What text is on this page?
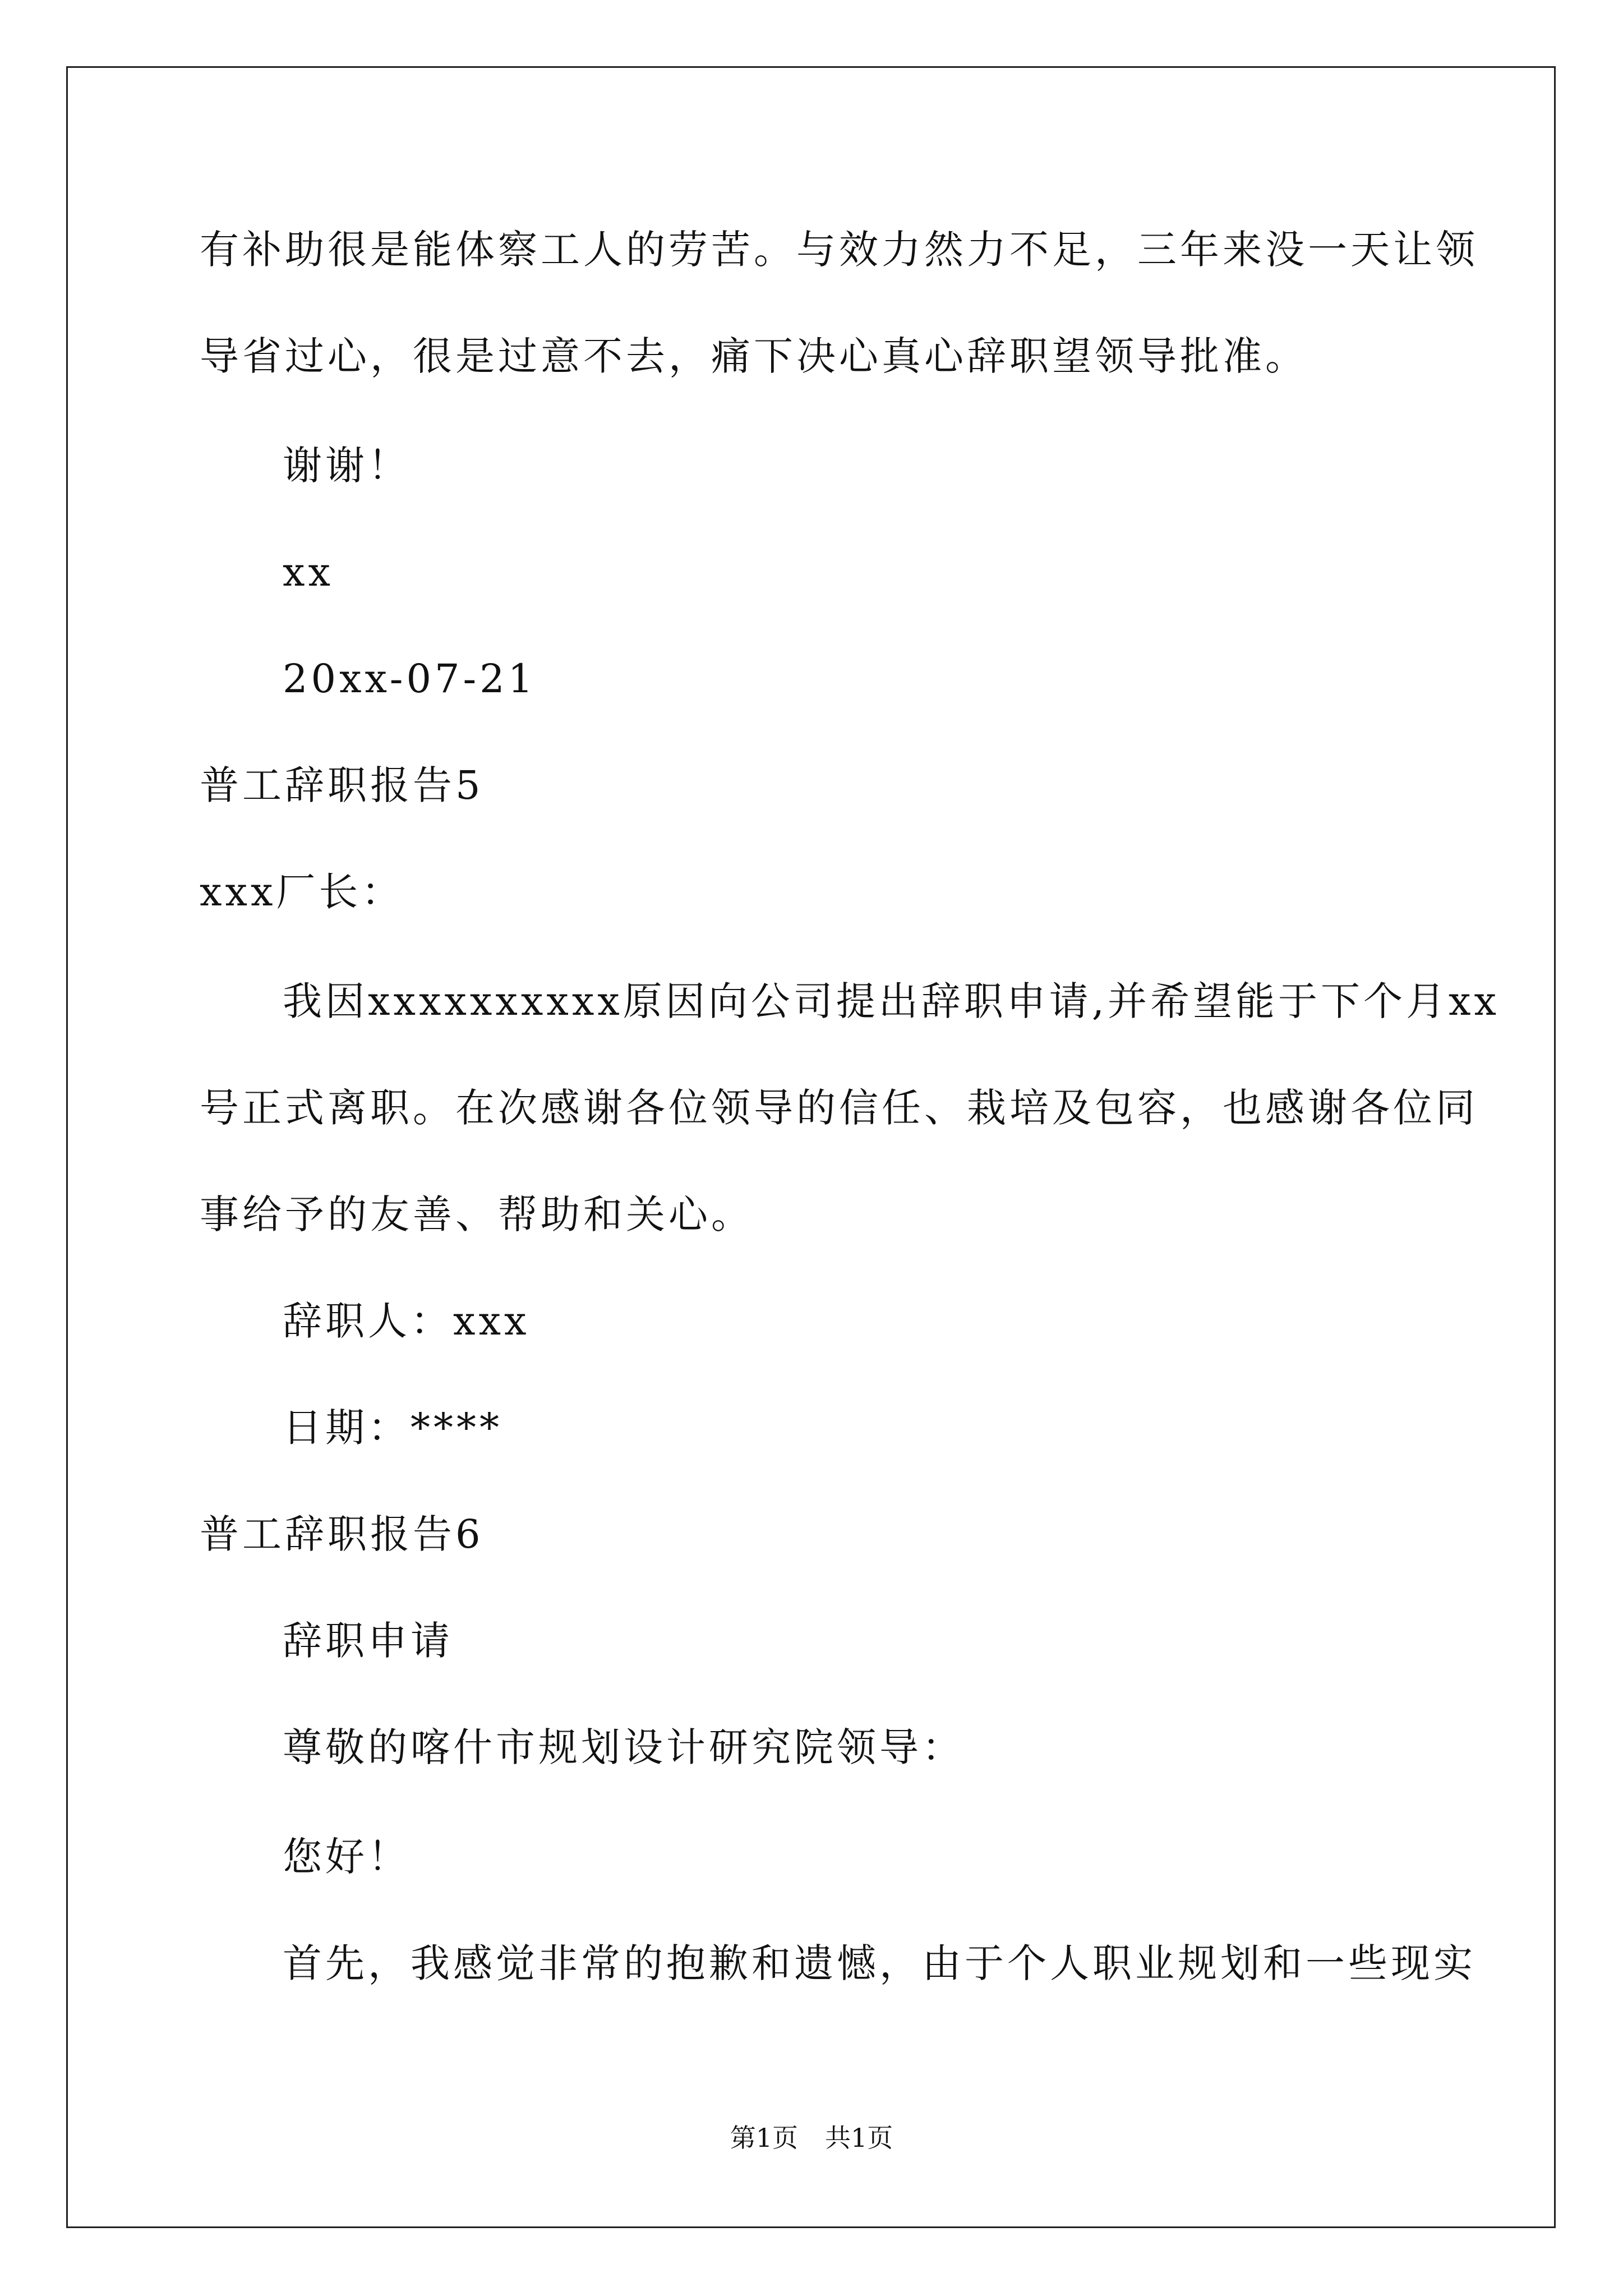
有补助很是能体察工人的劳苦。与效力然力不足，三年来没一天让领
导省过心，很是过意不去，痛下决心真心辞职望领导批准。
谢谢！
xx
20xx-07-21
普工辞职报告5
xxx厂长：
我因xxxxxxxxxx原因向公司提出辞职申请,并希望能于下个月xx
号正式离职。在次感谢各位领导的信任、栽培及包容，也感谢各位同
事给予的友善、帮助和关心。
辞职人：xxx
日期：****
普工辞职报告6
辞职申请
尊敬的喀什市规划设计研究院领导：
您好！
首先，我感觉非常的抱歉和遗憾，由于个人职业规划和一些现实
第1页 共1页
